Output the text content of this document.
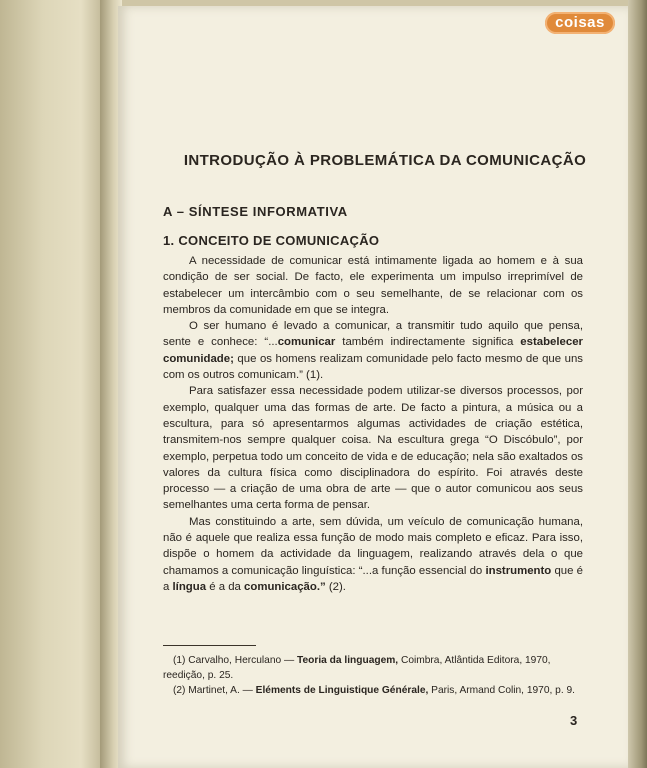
coisas
INTRODUÇÃO À PROBLEMÁTICA DA COMUNICAÇÃO
A – SÍNTESE INFORMATIVA
1. CONCEITO DE COMUNICAÇÃO

A necessidade de comunicar está intimamente ligada ao homem e à sua condição de ser social. De facto, ele experimenta um impulso irreprimível de estabelecer um intercâmbio com o seu semelhante, de se relacionar com os membros da comunidade em que se integra.

O ser humano é levado a comunicar, a transmitir tudo aquilo que pensa, sente e conhece: “...comunicar também indirectamente significa estabelecer comunidade; que os homens realizam comunidade pelo facto mesmo de que uns com os outros comunicam.” (1).

Para satisfazer essa necessidade podem utilizar-se diversos processos, por exemplo, qualquer uma das formas de arte. De facto a pintura, a música ou a escultura, para só apresentarmos algumas actividades de criação estética, transmitem-nos sempre qualquer coisa. Na escultura grega “O Discóbulo”, por exemplo, perpetua todo um conceito de vida e de educação; nela são exaltados os valores da cultura física como disciplinadora do espírito. Foi através deste processo — a criação de uma obra de arte — que o autor comunicou aos seus semelhantes uma certa forma de pensar.

Mas constituindo a arte, sem dúvida, um veículo de comunicação humana, não é aquele que realiza essa função de modo mais completo e eficaz. Para isso, dispõe o homem da actividade da linguagem, realizando através dela o que chamamos a comunicação linguística: “...a função essencial do instrumento que é a língua é a da comunicação.” (2).

(1) Carvalho, Herculano — Teoria da linguagem, Coimbra, Atlântida Editora, 1970, reedição, p. 25.

(2) Martinet, A. — Eléments de Linguistique Générale, Paris, Armand Colin, 1970, p. 9.

3
